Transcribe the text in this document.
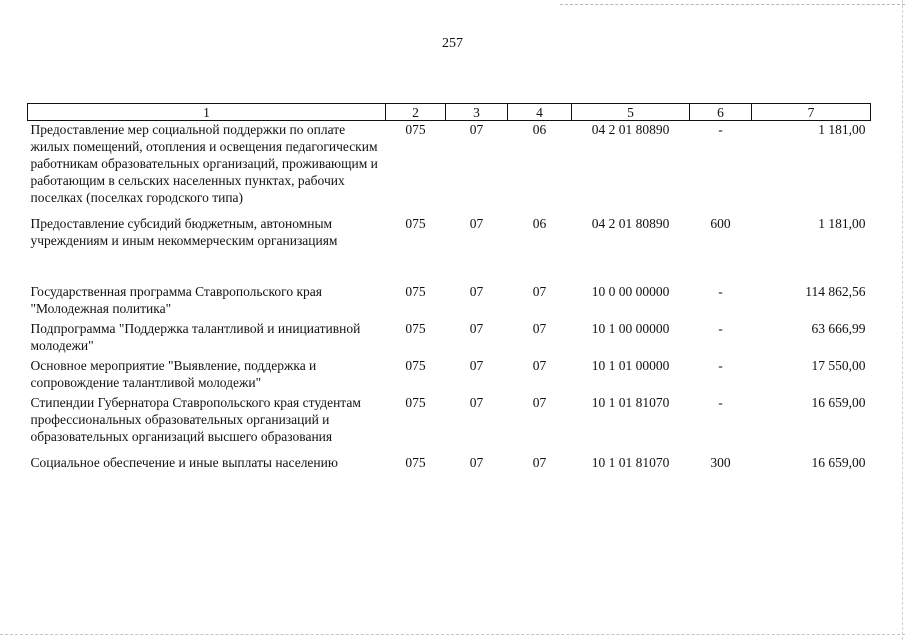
257
1	2	3	4	5	6	7
Предоставление мер социальной поддержки по оплате жилых помещений, отопления и освещения педагогическим работникам образовательных организаций, проживающим и работающим в сельских населенных пунктах, рабочих поселках (поселках городского типа)	075	07	06	04 2 01 80890	-	1 181,00
Предоставление субсидий бюджетным, автономным учреждениям и иным некоммерческим организациям	075	07	06	04 2 01 80890	600	1 181,00
Государственная программа Ставропольского края "Молодежная политика"	075	07	07	10 0 00 00000	-	114 862,56
Подпрограмма "Поддержка талантливой и инициативной молодежи"	075	07	07	10 1 00 00000	-	63 666,99
Основное мероприятие "Выявление, поддержка и сопровождение талантливой молодежи"	075	07	07	10 1 01 00000	-	17 550,00
Стипендии Губернатора Ставропольского края студентам профессиональных образовательных организаций и образовательных организаций высшего образования	075	07	07	10 1 01 81070	-	16 659,00
Социальное обеспечение и иные выплаты населению	075	07	07	10 1 01 81070	300	16 659,00
